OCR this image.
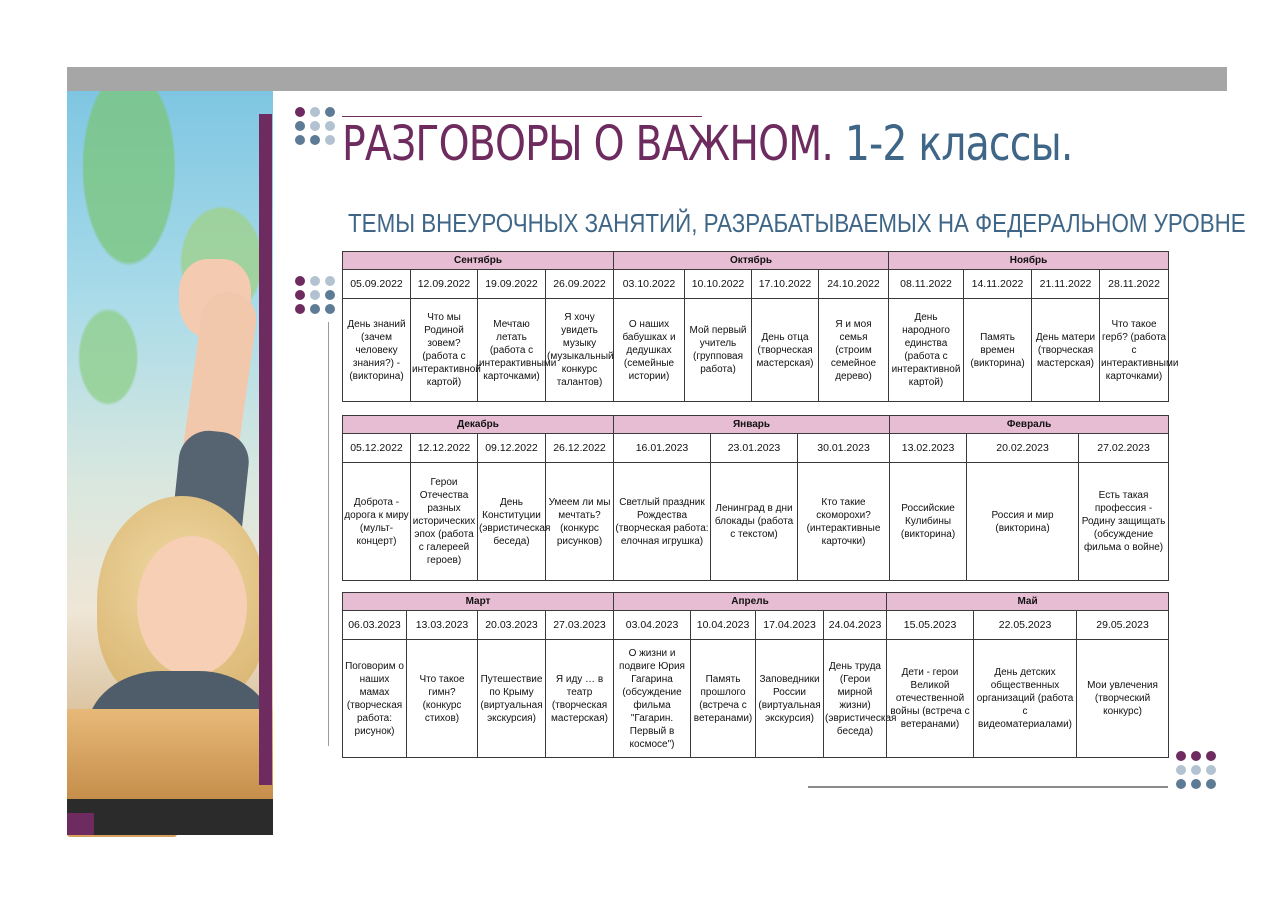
РАЗГОВОРЫ О ВАЖНОМ. 1-2 классы.
ТЕМЫ ВНЕУРОЧНЫХ ЗАНЯТИЙ, РАЗРАБАТЫВАЕМЫХ НА ФЕДЕРАЛЬНОМ УРОВНЕ
Сентябрь				Октябрь				Ноябрь			
05.09.2022	12.09.2022	19.09.2022	26.09.2022	03.10.2022	10.10.2022	17.10.2022	24.10.2022	08.11.2022	14.11.2022	21.11.2022	28.11.2022
День знаний (зачем человеку знания?) - (викторина)	Что мы Родиной зовем? (работа с интерактивной картой)	Мечтаю летать (работа с интерактивными карточками)	Я хочу увидеть музыку (музыкальный конкурс талантов)	О наших бабушках и дедушках (семейные истории)	Мой первый учитель (групповая работа)	День отца (творческая мастерская)	Я и моя семья (строим семейное дерево)	День народного единства (работа с интерактивной картой)	Память времен (викторина)	День матери (творческая мастерская)	Что такое герб? (работа с интерактивными карточками)
Декабрь				Январь			Февраль		
05.12.2022	12.12.2022	09.12.2022	26.12.2022	16.01.2023	23.01.2023	30.01.2023	13.02.2023	20.02.2023	27.02.2023
Доброта - дорога к миру (мульт-концерт)	Герои Отечества разных исторических эпох (работа с галереей героев)	День Конституции (эвристическая беседа)	Умеем ли мы мечтать? (конкурс рисунков)	Светлый праздник Рождества (творческая работа: елочная игрушка)	Ленинград в дни блокады (работа с текстом)	Кто такие скоморохи? (интерактивные карточки)	Российские Кулибины (викторина)	Россия и мир (викторина)	Есть такая профессия - Родину защищать (обсуждение фильма о войне)
Март				Апрель				Май		
06.03.2023	13.03.2023	20.03.2023	27.03.2023	03.04.2023	10.04.2023	17.04.2023	24.04.2023	15.05.2023	22.05.2023	29.05.2023
Поговорим о наших мамах (творческая работа: рисунок)	Что такое гимн? (конкурс стихов)	Путешествие по Крыму (виртуальная экскурсия)	Я иду … в театр (творческая мастерская)	О жизни и подвиге Юрия Гагарина (обсуждение фильма "Гагарин. Первый в космосе")	Память прошлого (встреча с ветеранами)	Заповедники России (виртуальная экскурсия)	День труда (Герои мирной жизни) (эвристическая беседа)	Дети - герои Великой отечественной войны (встреча с ветеранами)	День детских общественных организаций (работа с видеоматериалами)	Мои увлечения (творческий конкурс)
